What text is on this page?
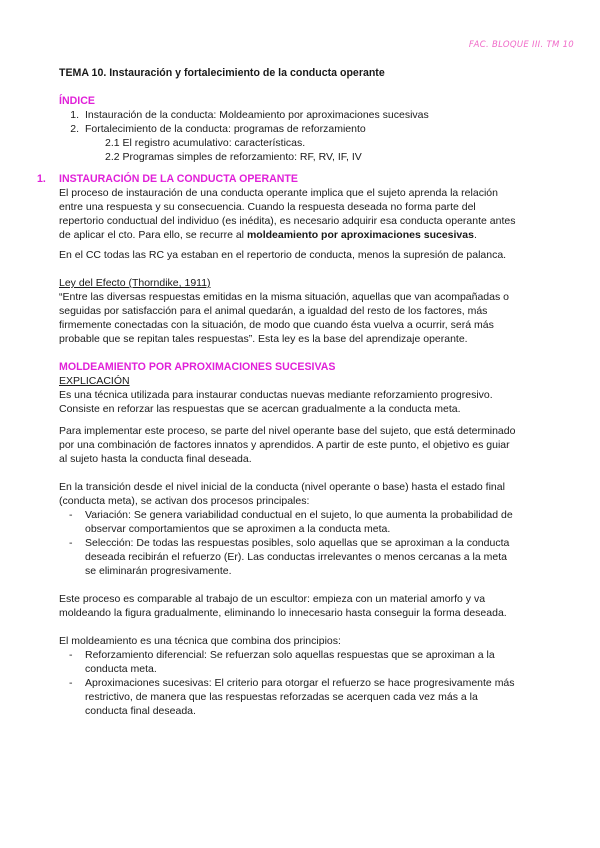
FAC. BLOQUE III. TM 10

TEMA 10. Instauración y fortalecimiento de la conducta operante

ÍNDICE

1. Instauración de la conducta: Moldeamiento por aproximaciones sucesivas

2. Fortalecimiento de la conducta: programas de reforzamiento

2.1 El registro acumulativo: características.

2.2 Programas simples de reforzamiento: RF, RV, IF, IV

1. INSTAURACIÓN DE LA CONDUCTA OPERANTE

El proceso de instauración de una conducta operante implica que el sujeto aprenda la relación entre una respuesta y su consecuencia. Cuando la respuesta deseada no forma parte del repertorio conductual del individuo (es inédita), es necesario adquirir esa conducta operante antes de aplicar el cto. Para ello, se recurre al moldeamiento por aproximaciones sucesivas.

En el CC todas las RC ya estaban en el repertorio de conducta, menos la supresión de palanca.

Ley del Efecto (Thorndike, 1911)

“Entre las diversas respuestas emitidas en la misma situación, aquellas que van acompañadas o seguidas por satisfacción para el animal quedarán, a igualdad del resto de los factores, más firmemente conectadas con la situación, de modo que cuando ésta vuelva a ocurrir, será más probable que se repitan tales respuestas”. Esta ley es la base del aprendizaje operante.

MOLDEAMIENTO POR APROXIMACIONES SUCESIVAS

EXPLICACIÓN

Es una técnica utilizada para instaurar conductas nuevas mediante reforzamiento progresivo. Consiste en reforzar las respuestas que se acercan gradualmente a la conducta meta.

Para implementar este proceso, se parte del nivel operante base del sujeto, que está determinado por una combinación de factores innatos y aprendidos. A partir de este punto, el objetivo es guiar al sujeto hasta la conducta final deseada.

En la transición desde el nivel inicial de la conducta (nivel operante o base) hasta el estado final (conducta meta), se activan dos procesos principales:

- Variación: Se genera variabilidad conductual en el sujeto, lo que aumenta la probabilidad de observar comportamientos que se aproximen a la conducta meta.
- Selección: De todas las respuestas posibles, solo aquellas que se aproximan a la conducta deseada recibirán el refuerzo (Er). Las conductas irrelevantes o menos cercanas a la meta se eliminarán progresivamente.

Este proceso es comparable al trabajo de un escultor: empieza con un material amorfo y va moldeando la figura gradualmente, eliminando lo innecesario hasta conseguir la forma deseada.

El moldeamiento es una técnica que combina dos principios:

- Reforzamiento diferencial: Se refuerzan solo aquellas respuestas que se aproximan a la conducta meta.
- Aproximaciones sucesivas: El criterio para otorgar el refuerzo se hace progresivamente más restrictivo, de manera que las respuestas reforzadas se acerquen cada vez más a la conducta final deseada.
